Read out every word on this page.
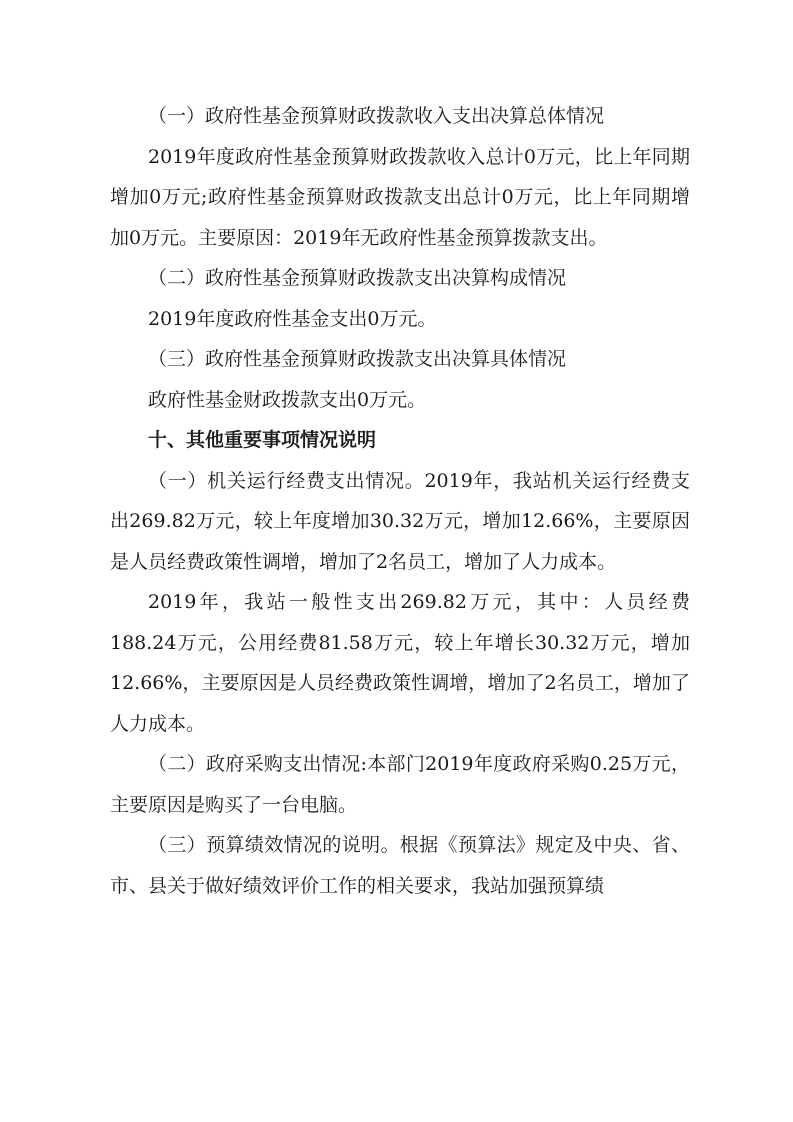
（一）政府性基金预算财政拨款收入支出决算总体情况

2019年度政府性基金预算财政拨款收入总计0万元，比上年同期增加0万元;政府性基金预算财政拨款支出总计0万元，比上年同期增加0万元。主要原因：2019年无政府性基金预算拨款支出。

（二）政府性基金预算财政拨款支出决算构成情况

2019年度政府性基金支出0万元。

（三）政府性基金预算财政拨款支出决算具体情况

政府性基金财政拨款支出0万元。

十、其他重要事项情况说明

（一）机关运行经费支出情况。2019年，我站机关运行经费支出269.82万元，较上年度增加30.32万元，增加12.66%，主要原因是人员经费政策性调增，增加了2名员工，增加了人力成本。

2019年，我站一般性支出269.82万元，其中：人员经费188.24万元，公用经费81.58万元，较上年增长30.32万元，增加12.66%，主要原因是人员经费政策性调增，增加了2名员工，增加了人力成本。

（二）政府采购支出情况:本部门2019年度政府采购0.25万元，主要原因是购买了一台电脑。

（三）预算绩效情况的说明。根据《预算法》规定及中央、省、市、县关于做好绩效评价工作的相关要求，我站加强预算绩
